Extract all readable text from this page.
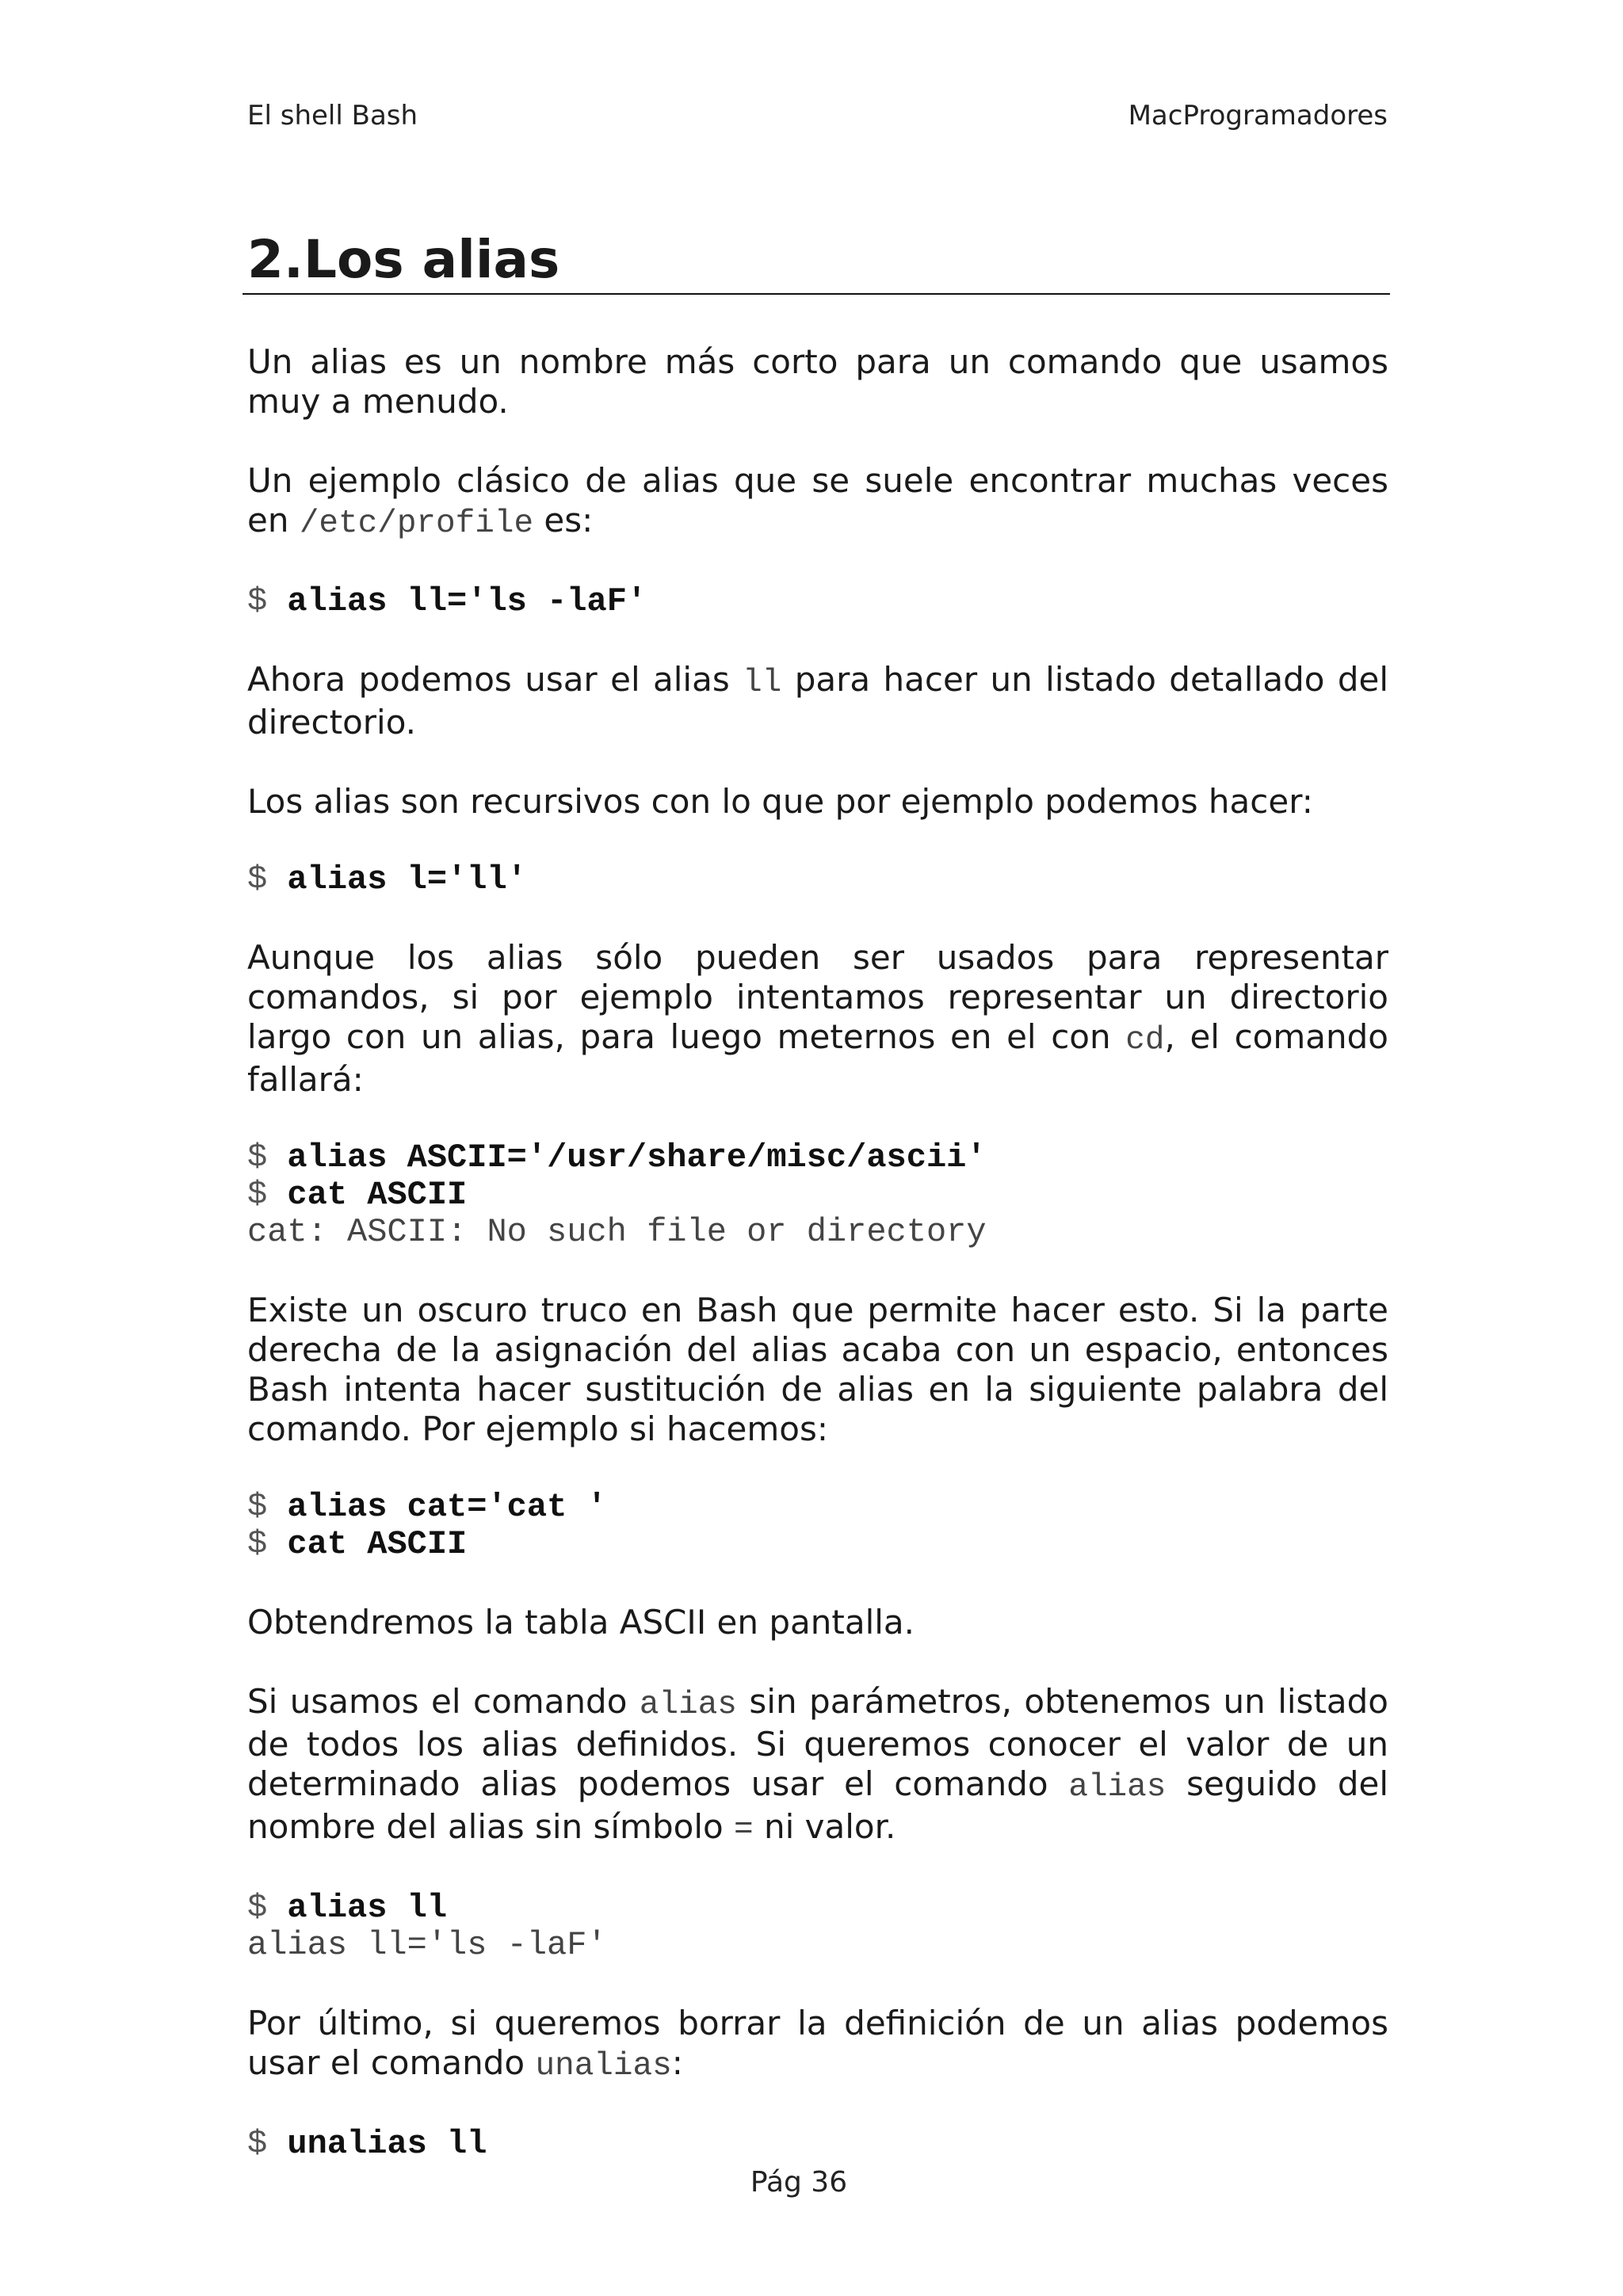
El shell Bash	MacProgramadores
2.Los alias

Un alias es un nombre más corto para un comando que usamos muy a menudo.

Un ejemplo clásico de alias que se suele encontrar muchas veces en /etc/profile es:

$ alias ll='ls -laF'

Ahora podemos usar el alias ll para hacer un listado detallado del directorio.

Los alias son recursivos con lo que por ejemplo podemos hacer:

$ alias l='ll'

Aunque los alias sólo pueden ser usados para representar comandos, si por ejemplo intentamos representar un directorio largo con un alias, para luego meternos en el con cd, el comando fallará:

$ alias ASCII='/usr/share/misc/ascii'
$ cat ASCII
cat: ASCII: No such file or directory

Existe un oscuro truco en Bash que permite hacer esto. Si la parte derecha de la asignación del alias acaba con un espacio, entonces Bash intenta hacer sustitución de alias en la siguiente palabra del comando. Por ejemplo si hacemos:

$ alias cat='cat '
$ cat ASCII

Obtendremos la tabla ASCII en pantalla.

Si usamos el comando alias sin parámetros, obtenemos un listado de todos los alias definidos. Si queremos conocer el valor de un determinado alias podemos usar el comando alias seguido del nombre del alias sin símbolo = ni valor.

$ alias ll
alias ll='ls -laF'

Por último, si queremos borrar la definición de un alias podemos usar el comando unalias:

$ unalias ll
Pág 36
